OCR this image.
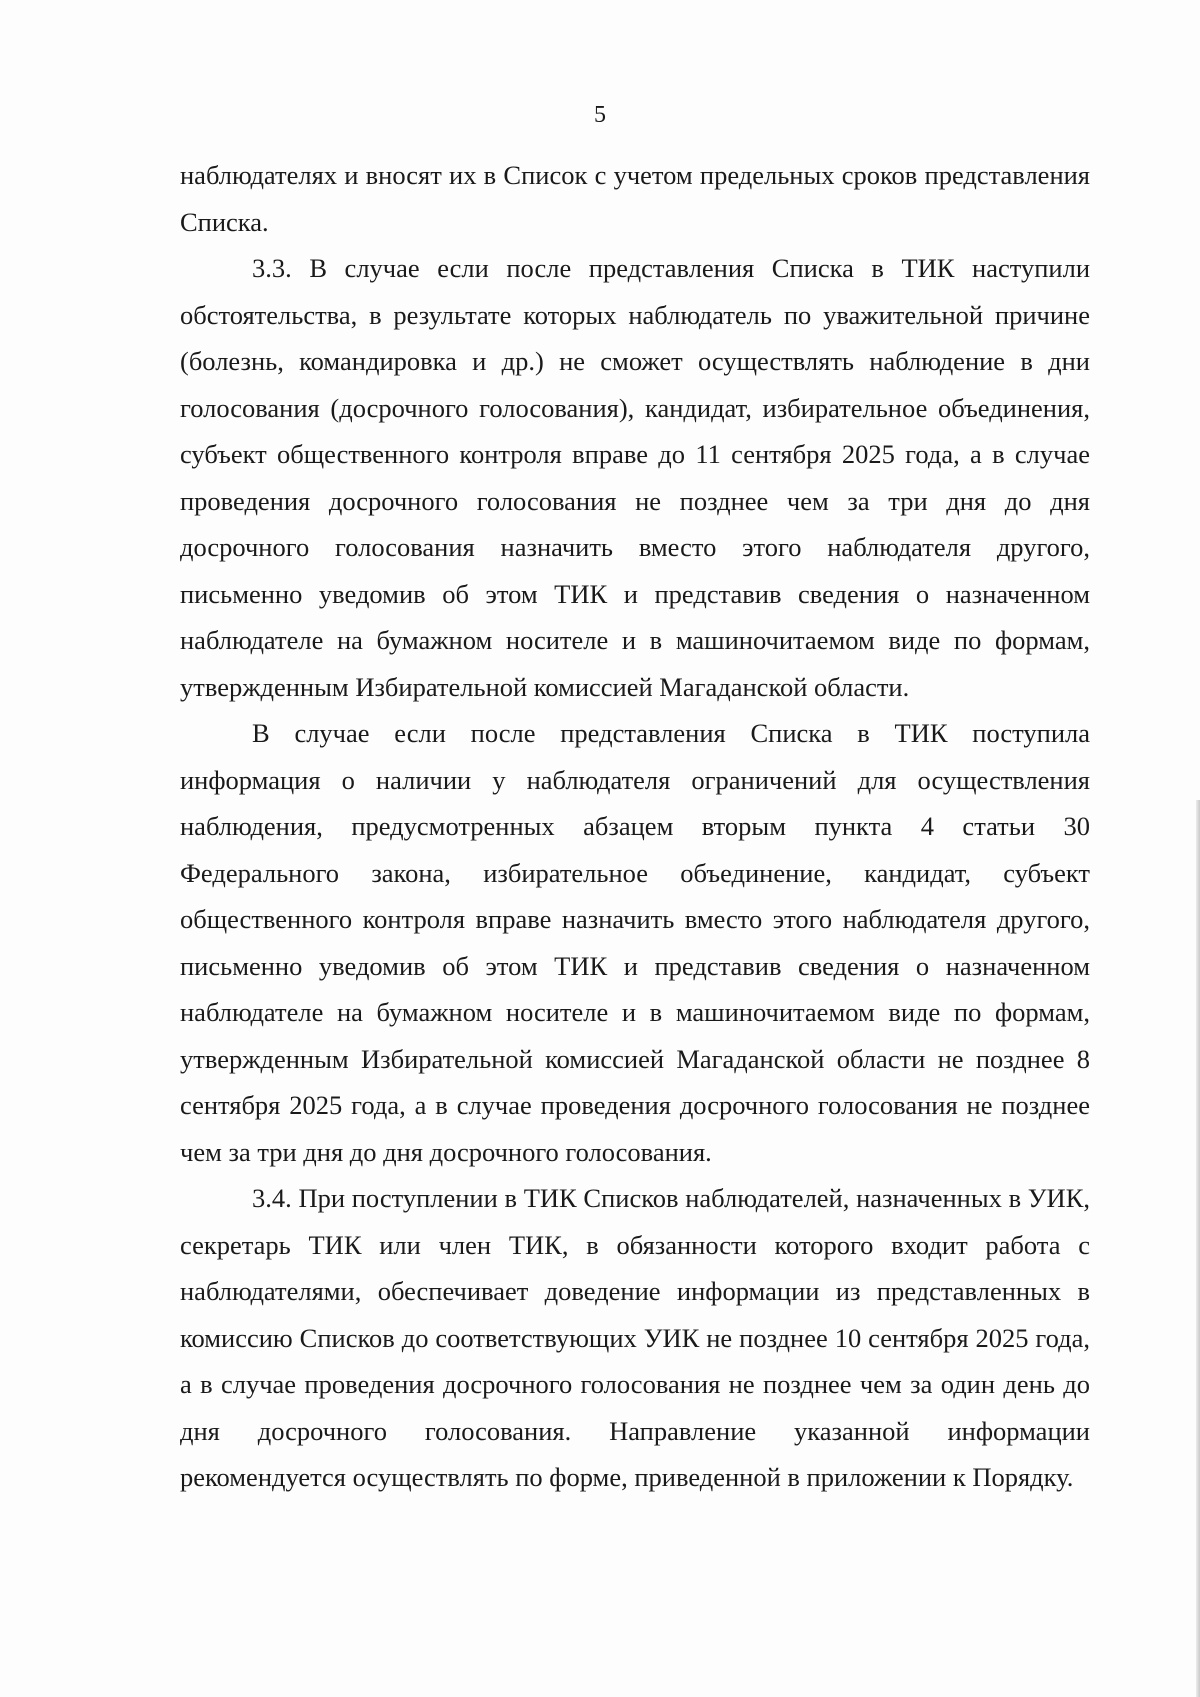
5

наблюдателях и вносят их в Список с учетом предельных сроков представления Списка.

3.3. В случае если после представления Списка в ТИК наступили обстоятельства, в результате которых наблюдатель по уважительной причине (болезнь, командировка и др.) не сможет осуществлять наблюдение в дни голосования (досрочного голосования), кандидат, избирательное объединения, субъект общественного контроля вправе до 11 сентября 2025 года, а в случае проведения досрочного голосования не позднее чем за три дня до дня досрочного голосования назначить вместо этого наблюдателя другого, письменно уведомив об этом ТИК и представив сведения о назначенном наблюдателе на бумажном носителе и в машиночитаемом виде по формам, утвержденным Избирательной комиссией Магаданской области.

В случае если после представления Списка в ТИК поступила информация о наличии у наблюдателя ограничений для осуществления наблюдения, предусмотренных абзацем вторым пункта 4 статьи 30 Федерального закона, избирательное объединение, кандидат, субъект общественного контроля вправе назначить вместо этого наблюдателя другого, письменно уведомив об этом ТИК и представив сведения о назначенном наблюдателе на бумажном носителе и в машиночитаемом виде по формам, утвержденным Избирательной комиссией Магаданской области не позднее 8 сентября 2025 года, а в случае проведения досрочного голосования не позднее чем за три дня до дня досрочного голосования.

3.4. При поступлении в ТИК Списков наблюдателей, назначенных в УИК, секретарь ТИК или член ТИК, в обязанности которого входит работа с наблюдателями, обеспечивает доведение информации из представленных в комиссию Списков до соответствующих УИК не позднее 10 сентября 2025 года, а в случае проведения досрочного голосования не позднее чем за один день до дня досрочного голосования. Направление указанной информации рекомендуется осуществлять по форме, приведенной в приложении к Порядку.
